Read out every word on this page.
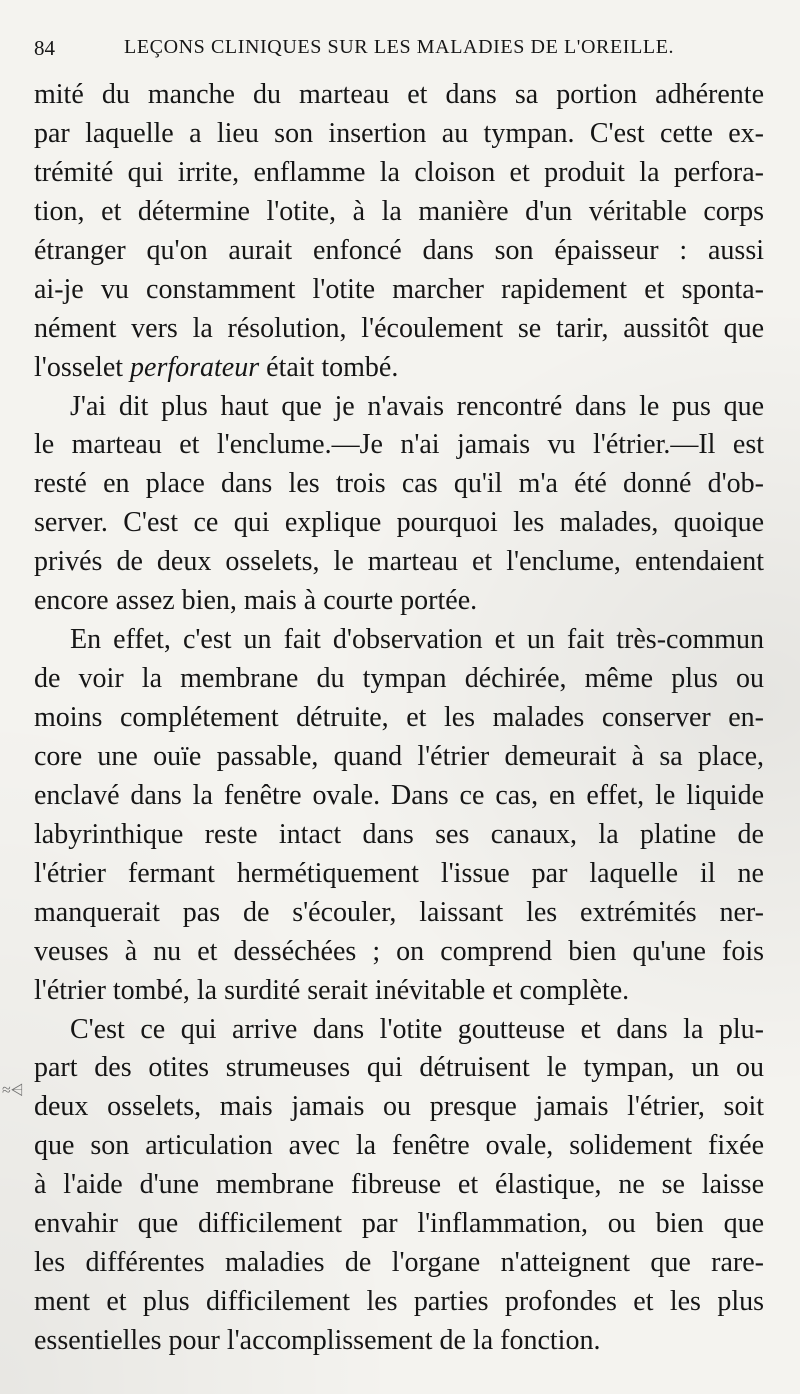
84	LEÇONS CLINIQUES SUR LES MALADIES DE L'OREILLE.
≈⩤
mité du manche du marteau et dans sa portion adhérente
par laquelle a lieu son insertion au tympan. C'est cette ex-
trémité qui irrite, enflamme la cloison et produit la perfora-
tion, et détermine l'otite, à la manière d'un véritable corps
étranger qu'on aurait enfoncé dans son épaisseur : aussi
ai-je vu constamment l'otite marcher rapidement et sponta-
nément vers la résolution, l'écoulement se tarir, aussitôt que
l'osselet perforateur était tombé.
J'ai dit plus haut que je n'avais rencontré dans le pus que
le marteau et l'enclume.—Je n'ai jamais vu l'étrier.—Il est
resté en place dans les trois cas qu'il m'a été donné d'ob-
server. C'est ce qui explique pourquoi les malades, quoique
privés de deux osselets, le marteau et l'enclume, entendaient
encore assez bien, mais à courte portée.
En effet, c'est un fait d'observation et un fait très-commun
de voir la membrane du tympan déchirée, même plus ou
moins complétement détruite, et les malades conserver en-
core une ouïe passable, quand l'étrier demeurait à sa place,
enclavé dans la fenêtre ovale. Dans ce cas, en effet, le liquide
labyrinthique reste intact dans ses canaux, la platine de
l'étrier fermant hermétiquement l'issue par laquelle il ne
manquerait pas de s'écouler, laissant les extrémités ner-
veuses à nu et desséchées ; on comprend bien qu'une fois
l'étrier tombé, la surdité serait inévitable et complète.
C'est ce qui arrive dans l'otite goutteuse et dans la plu-
part des otites strumeuses qui détruisent le tympan, un ou
deux osselets, mais jamais ou presque jamais l'étrier, soit
que son articulation avec la fenêtre ovale, solidement fixée
à l'aide d'une membrane fibreuse et élastique, ne se laisse
envahir que difficilement par l'inflammation, ou bien que
les différentes maladies de l'organe n'atteignent que rare-
ment et plus difficilement les parties profondes et les plus
essentielles pour l'accomplissement de la fonction.
